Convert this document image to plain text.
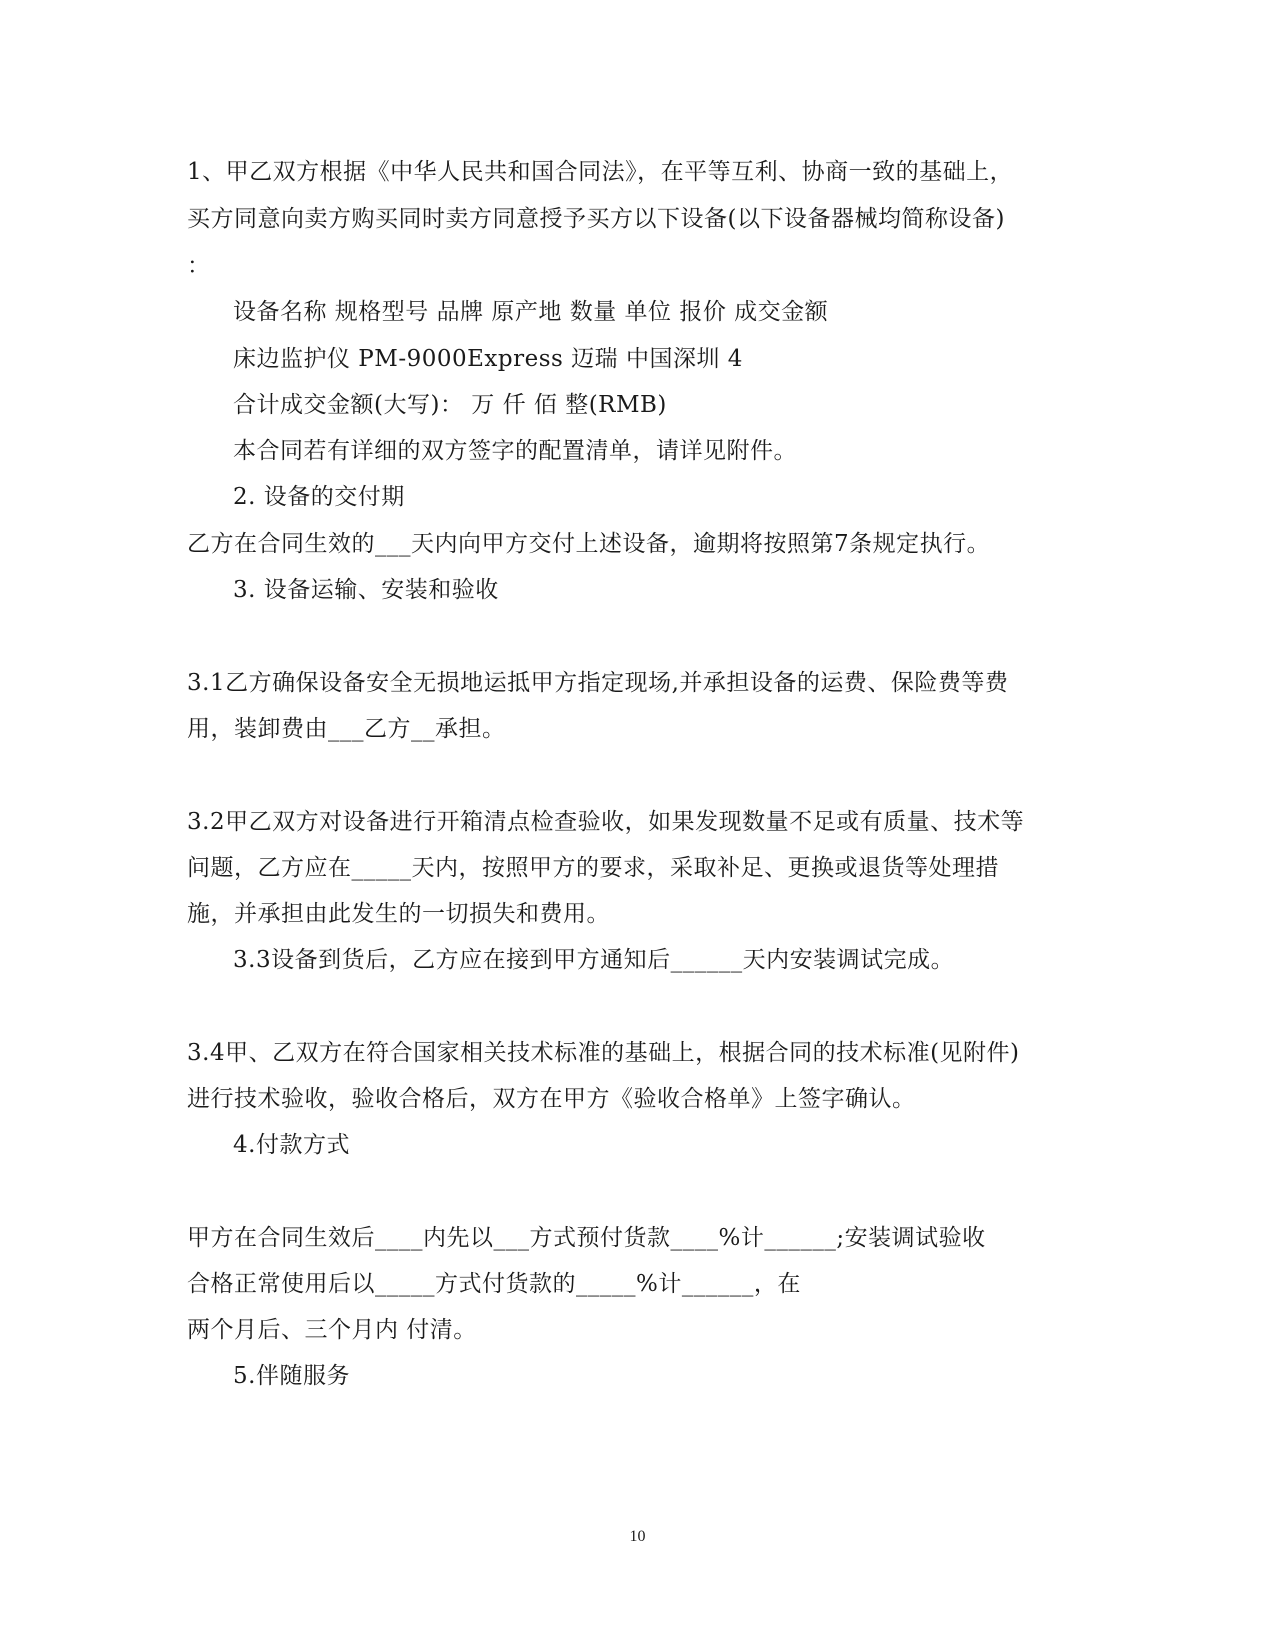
1、甲乙双方根据《中华人民共和国合同法》，在平等互利、协商一致的基础上，
买方同意向卖方购买同时卖方同意授予买方以下设备(以下设备器械均简称设备)
：
设备名称 规格型号 品牌 原产地 数量 单位 报价 成交金额
床边监护仪 PM-9000Express 迈瑞 中国深圳 4
合计成交金额(大写)： 万 仟 佰 整(RMB)
本合同若有详细的双方签字的配置清单，请详见附件。
2. 设备的交付期
乙方在合同生效的___天内向甲方交付上述设备，逾期将按照第7条规定执行。
3. 设备运输、安装和验收
3.1乙方确保设备安全无损地运抵甲方指定现场,并承担设备的运费、保险费等费
用，装卸费由___乙方__承担。
3.2甲乙双方对设备进行开箱清点检查验收，如果发现数量不足或有质量、技术等
问题，乙方应在_____天内，按照甲方的要求，采取补足、更换或退货等处理措
施，并承担由此发生的一切损失和费用。
3.3设备到货后，乙方应在接到甲方通知后______天内安装调试完成。
3.4甲、乙双方在符合国家相关技术标准的基础上，根据合同的技术标准(见附件)
进行技术验收，验收合格后，双方在甲方《验收合格单》上签字确认。
4.付款方式
甲方在合同生效后____内先以___方式预付货款____%计______;安装调试验收
合格正常使用后以_____方式付货款的_____%计______，在
两个月后、三个月内 付清。
5.伴随服务
10
